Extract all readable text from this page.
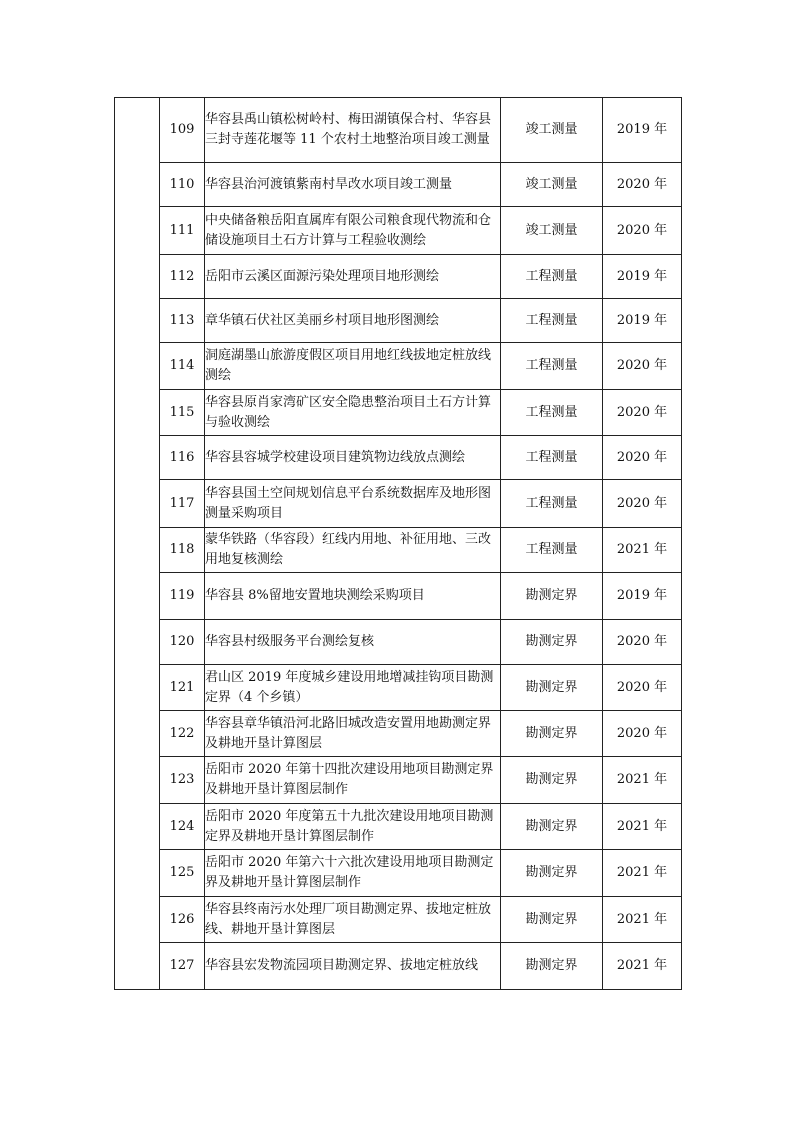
	109	华容县禹山镇松树岭村、梅田湖镇保合村、华容县三封寺莲花堰等 11 个农村土地整治项目竣工测量	竣工测量	2019 年
	110	华容县治河渡镇紫南村旱改水项目竣工测量	竣工测量	2020 年
	111	中央储备粮岳阳直属库有限公司粮食现代物流和仓储设施项目土石方计算与工程验收测绘	竣工测量	2020 年
	112	岳阳市云溪区面源污染处理项目地形测绘	工程测量	2019 年
	113	章华镇石伏社区美丽乡村项目地形图测绘	工程测量	2019 年
	114	洞庭湖墨山旅游度假区项目用地红线拔地定桩放线测绘	工程测量	2020 年
	115	华容县原肖家湾矿区安全隐患整治项目土石方计算与验收测绘	工程测量	2020 年
	116	华容县容城学校建设项目建筑物边线放点测绘	工程测量	2020 年
	117	华容县国土空间规划信息平台系统数据库及地形图测量采购项目	工程测量	2020 年
	118	蒙华铁路（华容段）红线内用地、补征用地、三改用地复核测绘	工程测量	2021 年
	119	华容县 8%留地安置地块测绘采购项目	勘测定界	2019 年
	120	华容县村级服务平台测绘复核	勘测定界	2020 年
	121	君山区 2019 年度城乡建设用地增减挂钩项目勘测定界（4 个乡镇）	勘测定界	2020 年
	122	华容县章华镇沿河北路旧城改造安置用地勘测定界及耕地开垦计算图层	勘测定界	2020 年
	123	岳阳市 2020 年第十四批次建设用地项目勘测定界及耕地开垦计算图层制作	勘测定界	2021 年
	124	岳阳市 2020 年度第五十九批次建设用地项目勘测定界及耕地开垦计算图层制作	勘测定界	2021 年
	125	岳阳市 2020 年第六十六批次建设用地项目勘测定界及耕地开垦计算图层制作	勘测定界	2021 年
	126	华容县终南污水处理厂项目勘测定界、拔地定桩放线、耕地开垦计算图层	勘测定界	2021 年
	127	华容县宏发物流园项目勘测定界、拔地定桩放线	勘测定界	2021 年
